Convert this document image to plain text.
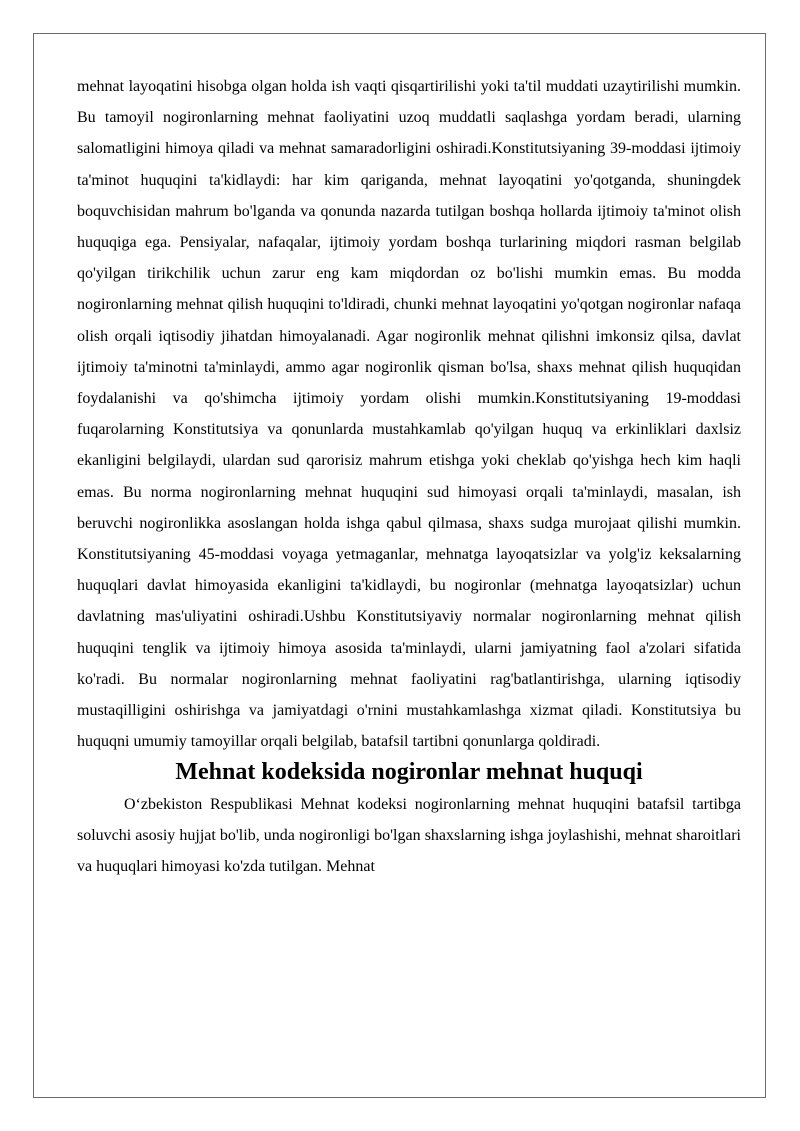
mehnat layoqatini hisobga olgan holda ish vaqti qisqartirilishi yoki ta'til muddati uzaytirilishi mumkin. Bu tamoyil nogironlarning mehnat faoliyatini uzoq muddatli saqlashga yordam beradi, ularning salomatligini himoya qiladi va mehnat samaradorligini oshiradi.Konstitutsiyaning 39-moddasi ijtimoiy ta'minot huquqini ta'kidlaydi: har kim qariganda, mehnat layoqatini yo'qotganda, shuningdek boquvchisidan mahrum bo'lganda va qonunda nazarda tutilgan boshqa hollarda ijtimoiy ta'minot olish huquqiga ega. Pensiyalar, nafaqalar, ijtimoiy yordam boshqa turlarining miqdori rasman belgilab qo'yilgan tirikchilik uchun zarur eng kam miqdordan oz bo'lishi mumkin emas. Bu modda nogironlarning mehnat qilish huquqini to'ldiradi, chunki mehnat layoqatini yo'qotgan nogironlar nafaqa olish orqali iqtisodiy jihatdan himoyalanadi. Agar nogironlik mehnat qilishni imkonsiz qilsa, davlat ijtimoiy ta'minotni ta'minlaydi, ammo agar nogironlik qisman bo'lsa, shaxs mehnat qilish huquqidan foydalanishi va qo'shimcha ijtimoiy yordam olishi mumkin.Konstitutsiyaning 19-moddasi fuqarolarning Konstitutsiya va qonunlarda mustahkamlab qo'yilgan huquq va erkinliklari daxlsiz ekanligini belgilaydi, ulardan sud qarorisiz mahrum etishga yoki cheklab qo'yishga hech kim haqli emas. Bu norma nogironlarning mehnat huquqini sud himoyasi orqali ta'minlaydi, masalan, ish beruvchi nogironlikka asoslangan holda ishga qabul qilmasa, shaxs sudga murojaat qilishi mumkin. Konstitutsiyaning 45-moddasi voyaga yetmaganlar, mehnatga layoqatsizlar va yolg'iz keksalarning huquqlari davlat himoyasida ekanligini ta'kidlaydi, bu nogironlar (mehnatga layoqatsizlar) uchun davlatning mas'uliyatini oshiradi.Ushbu Konstitutsiyaviy normalar nogironlarning mehnat qilish huquqini tenglik va ijtimoiy himoya asosida ta'minlaydi, ularni jamiyatning faol a'zolari sifatida ko'radi. Bu normalar nogironlarning mehnat faoliyatini rag'batlantirishga, ularning iqtisodiy mustaqilligini oshirishga va jamiyatdagi o'rnini mustahkamlashga xizmat qiladi. Konstitutsiya bu huquqni umumiy tamoyillar orqali belgilab, batafsil tartibni qonunlarga qoldiradi.

Mehnat kodeksida nogironlar mehnat huquqi

O‘zbekiston Respublikasi Mehnat kodeksi nogironlarning mehnat huquqini batafsil tartibga soluvchi asosiy hujjat bo'lib, unda nogironligi bo'lgan shaxslarning ishga joylashishi, mehnat sharoitlari va huquqlari himoyasi ko'zda tutilgan. Mehnat
